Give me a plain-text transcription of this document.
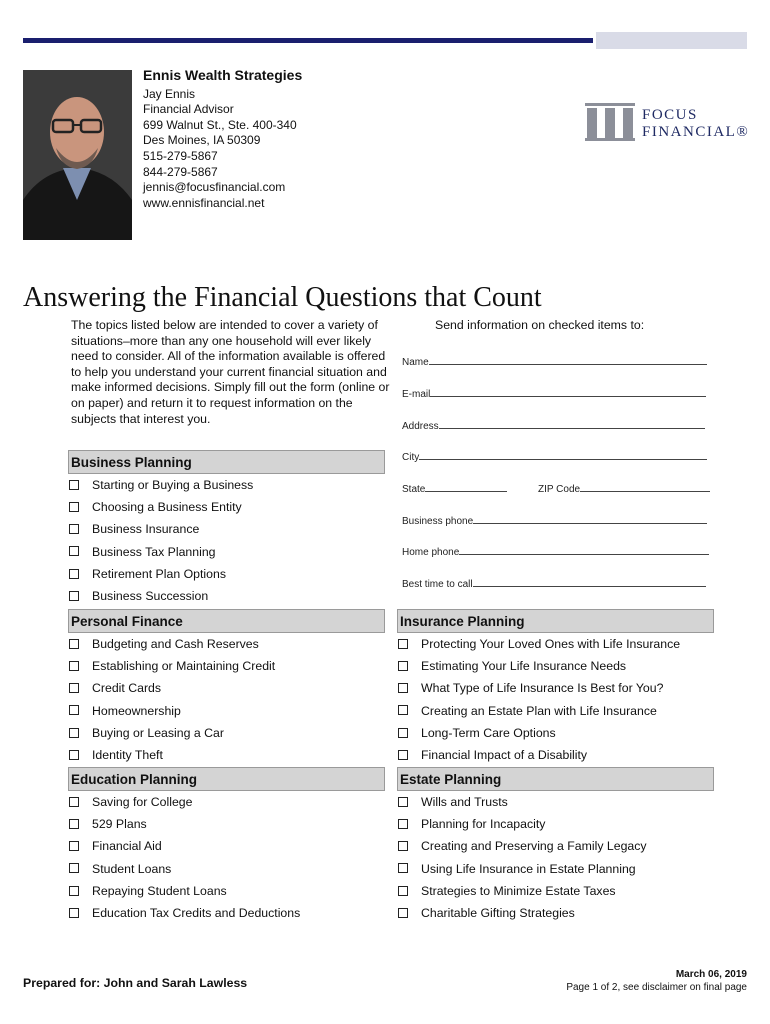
Ennis Wealth Strategies
Jay Ennis
Financial Advisor
699 Walnut St., Ste. 400-340
Des Moines, IA 50309
515-279-5867
844-279-5867
jennis@focusfinancial.com
www.ennisfinancial.net
FOCUS
FINANCIAL®
Answering the Financial Questions that Count
The topics listed below are intended to cover a variety of situations–more than any one household will ever likely need to consider. All of the information available is offered to help you understand your current financial situation and make informed decisions. Simply fill out the form (online or on paper) and return it to request information on the subjects that interest you.
Send information on checked items to:
Name
E-mail
Address
City
State	ZIP Code
Business phone
Home phone
Best time to call
Business Planning
Starting or Buying a Business
Choosing a Business Entity
Business Insurance
Business Tax Planning
Retirement Plan Options
Business Succession
Personal Finance
Budgeting and Cash Reserves
Establishing or Maintaining Credit
Credit Cards
Homeownership
Buying or Leasing a Car
Identity Theft
Insurance Planning
Protecting Your Loved Ones with Life Insurance
Estimating Your Life Insurance Needs
What Type of Life Insurance Is Best for You?
Creating an Estate Plan with Life Insurance
Long-Term Care Options
Financial Impact of a Disability
Education Planning
Saving for College
529 Plans
Financial Aid
Student Loans
Repaying Student Loans
Education Tax Credits and Deductions
Estate Planning
Wills and Trusts
Planning for Incapacity
Creating and Preserving a Family Legacy
Using Life Insurance in Estate Planning
Strategies to Minimize Estate Taxes
Charitable Gifting Strategies
Prepared for: John and Sarah Lawless
March 06, 2019
Page 1 of 2, see disclaimer on final page
